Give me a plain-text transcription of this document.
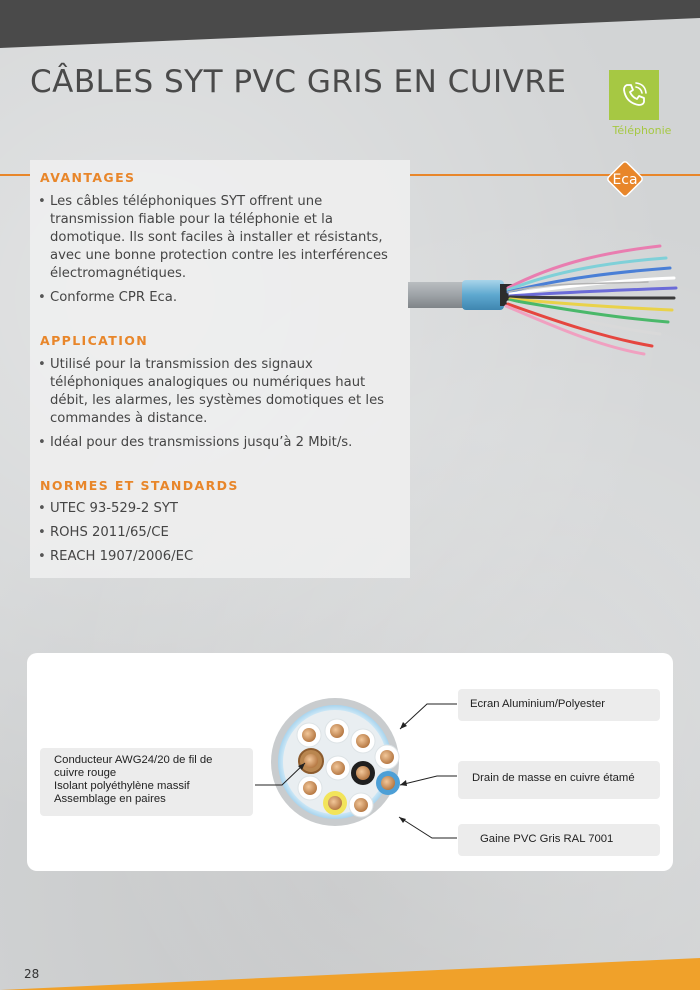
CÂBLES SYT PVC GRIS EN CUIVRE
Téléphonie
Eca
AVANTAGES
• Les câbles téléphoniques SYT offrent une transmission fiable pour la téléphonie et la domotique. Ils sont faciles à installer et résistants, avec une bonne protection contre les interférences électromagnétiques.
• Conforme CPR Eca.
APPLICATION
• Utilisé pour la transmission des signaux téléphoniques analogiques ou numériques haut débit, les alarmes, les systèmes domotiques et les commandes à distance.
• Idéal pour des transmissions jusqu’à 2 Mbit/s.
NORMES ET STANDARDS
• UTEC 93-529-2 SYT
• ROHS 2011/65/CE
• REACH 1907/2006/EC
Conducteur AWG24/20 de fil de
cuivre rouge
Isolant polyéthylène massif
Assemblage en paires
Ecran Aluminium/Polyester
Drain de masse en cuivre étamé
Gaine PVC Gris RAL 7001
28
